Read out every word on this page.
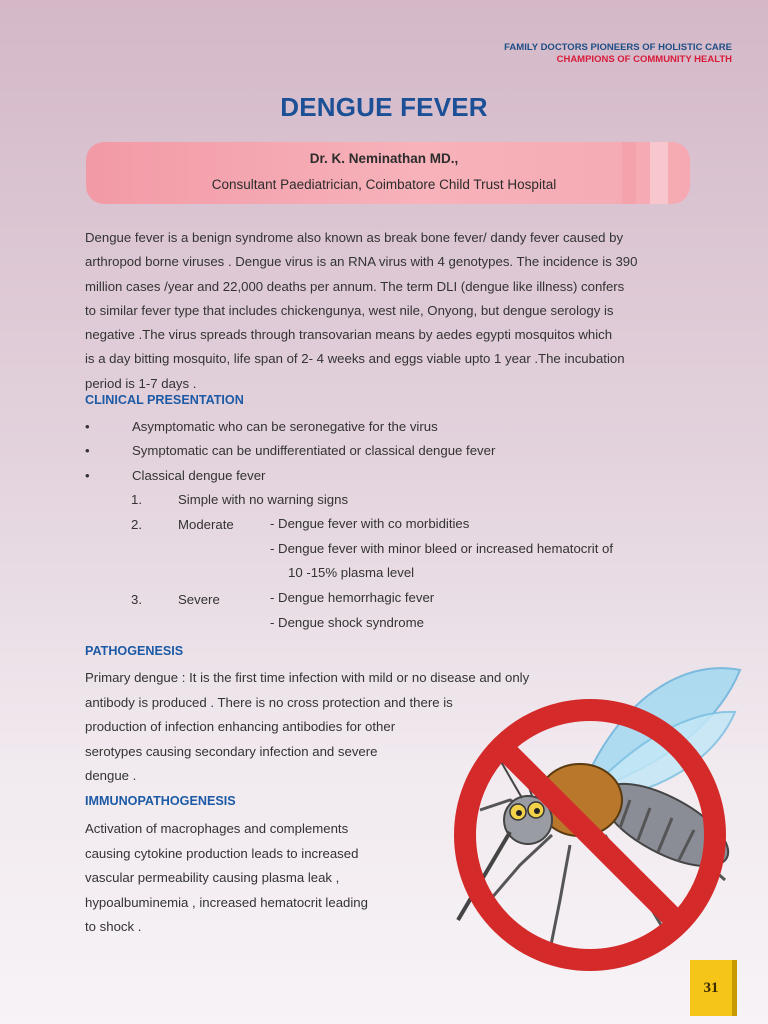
FAMILY DOCTORS PIONEERS OF HOLISTIC CARE
CHAMPIONS OF COMMUNITY HEALTH
DENGUE FEVER
Dr. K. Neminathan MD.,
Consultant Paediatrician, Coimbatore Child Trust Hospital
Dengue fever is a benign syndrome also known as break bone fever/ dandy fever caused by
arthropod borne viruses . Dengue virus is an RNA virus with 4 genotypes. The incidence is 390
million cases /year and 22,000 deaths per annum. The term DLI (dengue like illness) confers
to similar fever type that includes chickengunya, west nile, Onyong, but dengue serology is
negative .The virus spreads through transovarian means by aedes egypti mosquitos which
is a day bitting mosquito, life span of 2- 4 weeks and eggs viable upto 1 year .The incubation
period is 1-7 days .
CLINICAL PRESENTATION
•	Asymptomatic who can be seronegative for the virus
•	Symptomatic can be undifferentiated or classical dengue fever
•	Classical dengue fever
1.	Simple with no warning signs
2.	Moderate	- Dengue fever with co morbidities
- Dengue fever with minor bleed or increased hematocrit of
10 -15% plasma level
3.	Severe	- Dengue hemorrhagic fever
- Dengue shock syndrome
PATHOGENESIS
Primary dengue : It is the first time infection with mild or no disease and only
antibody is produced . There is no cross protection and there is
production of infection enhancing antibodies for other
serotypes causing secondary infection and severe
dengue .
IMMUNOPATHOGENESIS
Activation of macrophages and complements
causing cytokine production leads to increased
vascular permeability causing plasma leak ,
hypoalbuminemia , increased hematocrit leading
to shock .
31
